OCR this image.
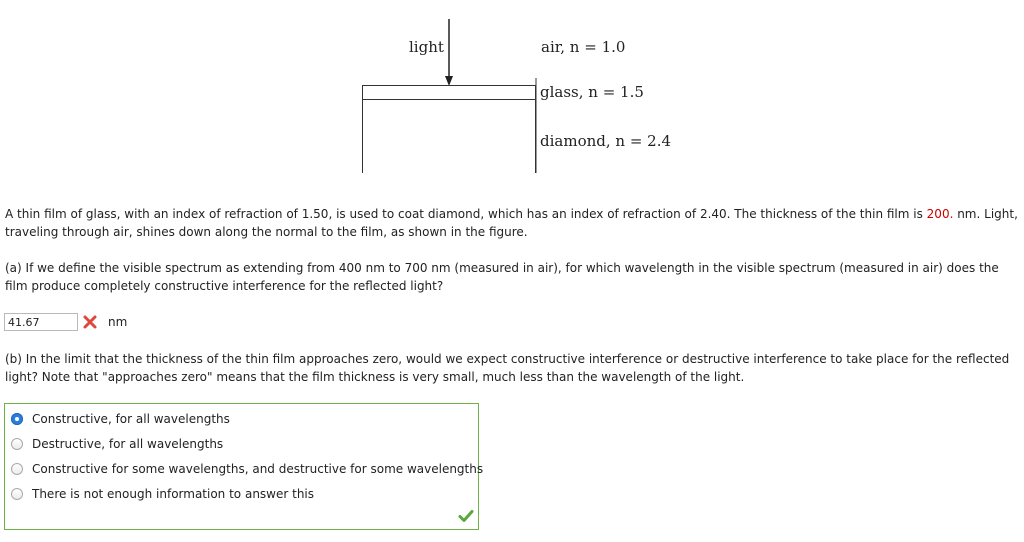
light	air, n = 1.0
glass, n = 1.5
diamond, n = 2.4
A thin film of glass, with an index of refraction of 1.50, is used to coat diamond, which has an index of refraction of 2.40. The thickness of the thin film is 200. nm. Light, traveling through air, shines down along the normal to the film, as shown in the figure.
(a) If we define the visible spectrum as extending from 400 nm to 700 nm (measured in air), for which wavelength in the visible spectrum (measured in air) does the film produce completely constructive interference for the reflected light?
41.67
nm
(b) In the limit that the thickness of the thin film approaches zero, would we expect constructive interference or destructive interference to take place for the reflected light? Note that "approaches zero" means that the film thickness is very small, much less than the wavelength of the light.
Constructive, for all wavelengths
Destructive, for all wavelengths
Constructive for some wavelengths, and destructive for some wavelengths
There is not enough information to answer this
